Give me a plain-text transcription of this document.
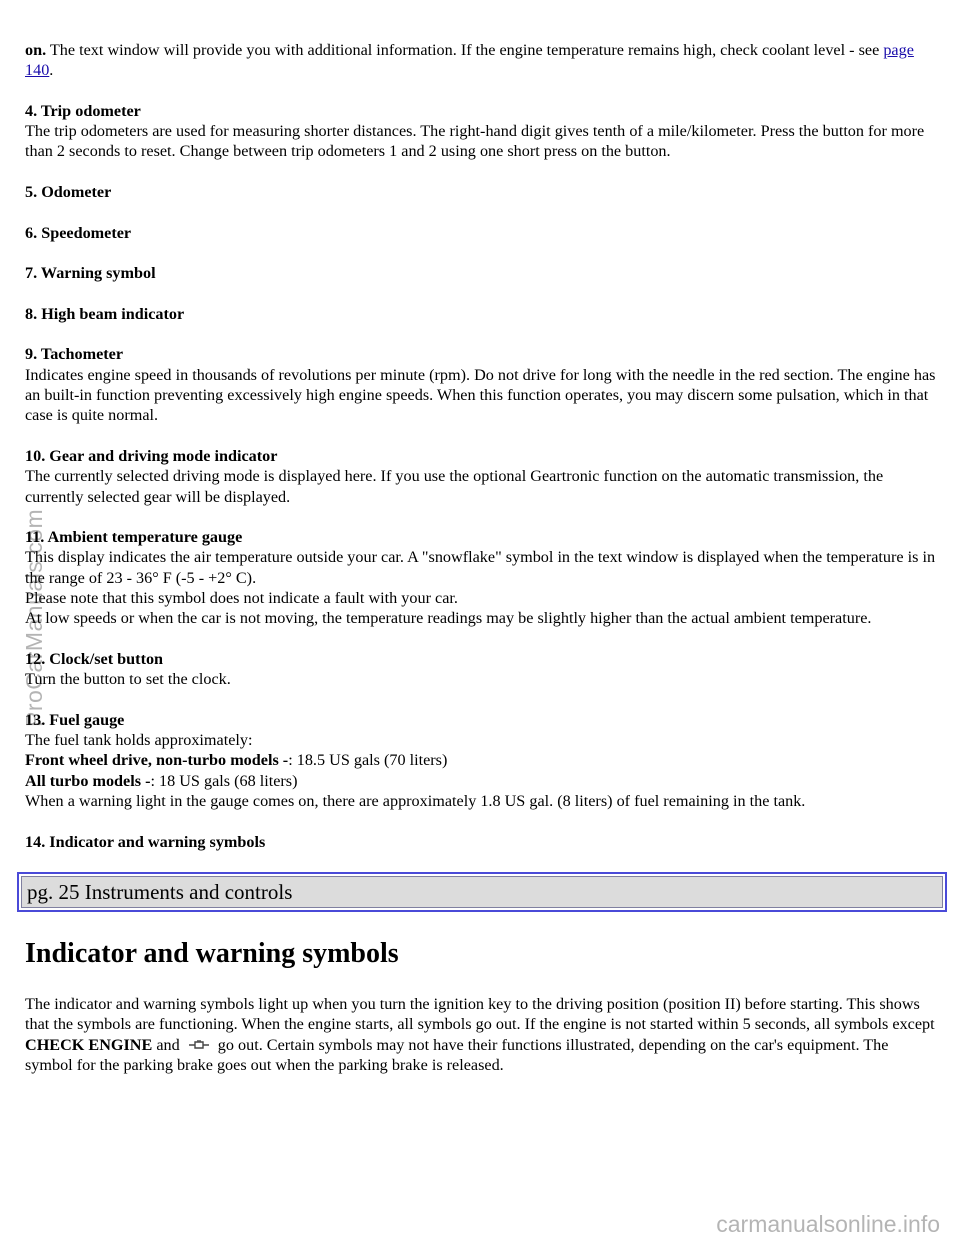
on. The text window will provide you with additional information. If the engine temperature remains high, check coolant level - see page 140.

4. Trip odometer
The trip odometers are used for measuring shorter distances. The right-hand digit gives tenth of a mile/kilometer. Press the button for more than 2 seconds to reset. Change between trip odometers 1 and 2 using one short press on the button.

5. Odometer

6. Speedometer

7. Warning symbol

8. High beam indicator

9. Tachometer
Indicates engine speed in thousands of revolutions per minute (rpm). Do not drive for long with the needle in the red section. The engine has an built-in function preventing excessively high engine speeds. When this function operates, you may discern some pulsation, which in that case is quite normal.

10. Gear and driving mode indicator
The currently selected driving mode is displayed here. If you use the optional Geartronic function on the automatic transmission, the currently selected gear will be displayed.

11. Ambient temperature gauge
This display indicates the air temperature outside your car. A "snowflake" symbol in the text window is displayed when the temperature is in the range of 23 - 36° F (-5 - +2° C).
Please note that this symbol does not indicate a fault with your car.
At low speeds or when the car is not moving, the temperature readings may be slightly higher than the actual ambient temperature.

12. Clock/set button
Turn the button to set the clock.

13. Fuel gauge
The fuel tank holds approximately:
Front wheel drive, non-turbo models -: 18.5 US gals (70 liters)
All turbo models -: 18 US gals (68 liters)
When a warning light in the gauge comes on, there are approximately 1.8 US gal. (8 liters) of fuel remaining in the tank.

14. Indicator and warning symbols

pg. 25 Instruments and controls
Indicator and warning symbols

The indicator and warning symbols light up when you turn the ignition key to the driving position (position II) before starting. This shows that the symbols are functioning. When the engine starts, all symbols go out. If the engine is not started within 5 seconds, all symbols except CHECK ENGINE and  go out. Certain symbols may not have their functions illustrated, depending on the car's equipment. The symbol for the parking brake goes out when the parking brake is released.

ProCarManuals.com
carmanualsonline.info
